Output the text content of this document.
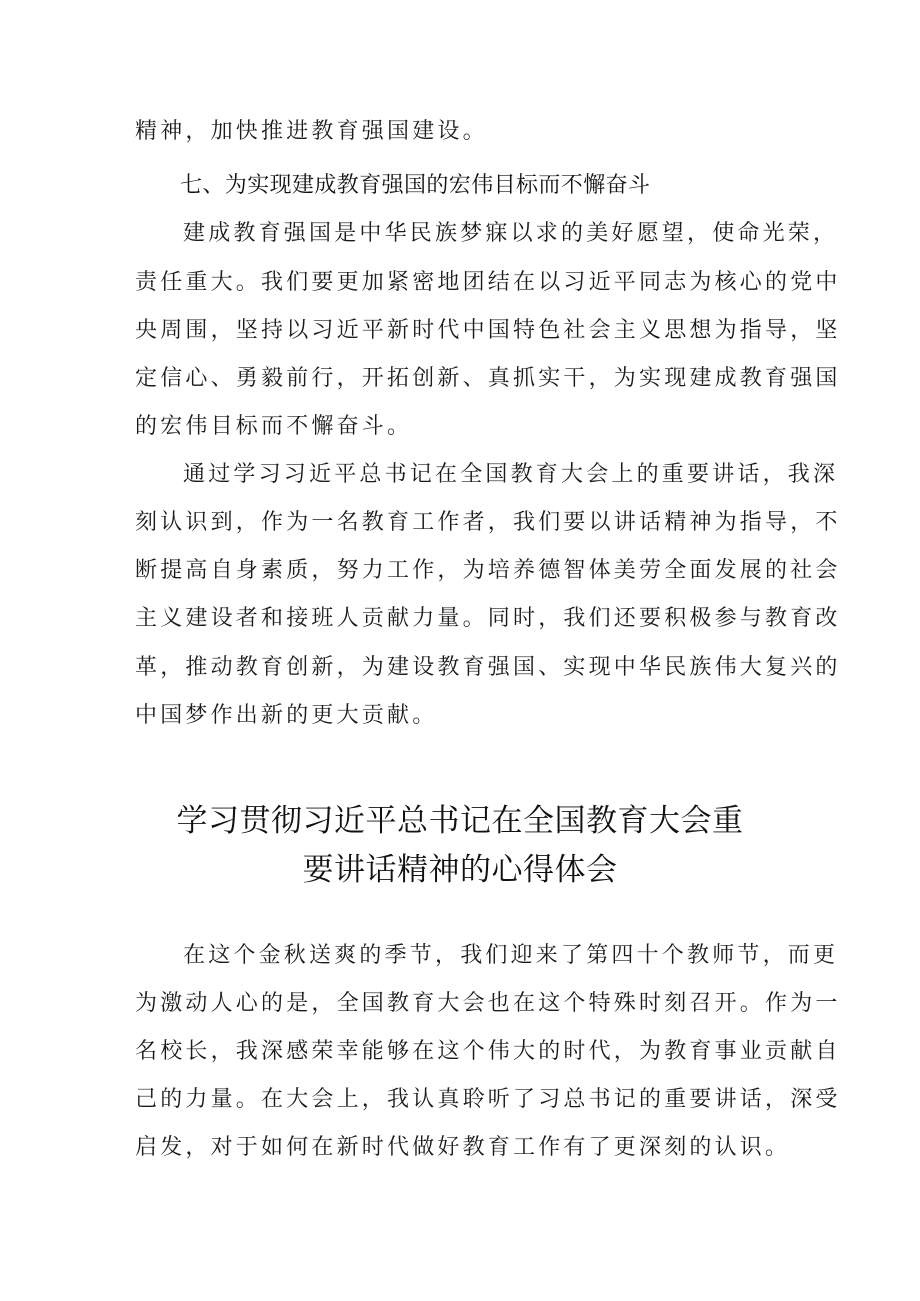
精神，加快推进教育强国建设。
七、为实现建成教育强国的宏伟目标而不懈奋斗
建成教育强国是中华民族梦寐以求的美好愿望，使命光荣，
责任重大。我们要更加紧密地团结在以习近平同志为核心的党中
央周围，坚持以习近平新时代中国特色社会主义思想为指导，坚
定信心、勇毅前行，开拓创新、真抓实干，为实现建成教育强国
的宏伟目标而不懈奋斗。
通过学习习近平总书记在全国教育大会上的重要讲话，我深
刻认识到，作为一名教育工作者，我们要以讲话精神为指导，不
断提高自身素质，努力工作，为培养德智体美劳全面发展的社会
主义建设者和接班人贡献力量。同时，我们还要积极参与教育改
革，推动教育创新，为建设教育强国、实现中华民族伟大复兴的
中国梦作出新的更大贡献。
学习贯彻习近平总书记在全国教育大会重
要讲话精神的心得体会
在这个金秋送爽的季节，我们迎来了第四十个教师节，而更
为激动人心的是，全国教育大会也在这个特殊时刻召开。作为一
名校长，我深感荣幸能够在这个伟大的时代，为教育事业贡献自
己的力量。在大会上，我认真聆听了习总书记的重要讲话，深受
启发，对于如何在新时代做好教育工作有了更深刻的认识。
